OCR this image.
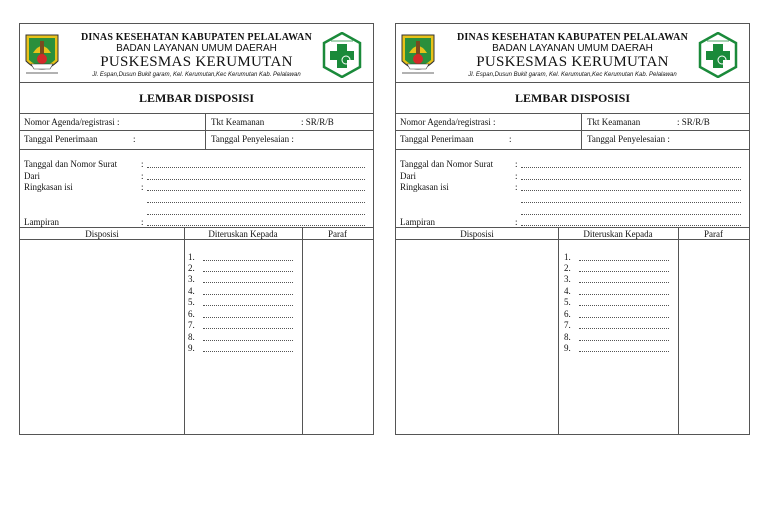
DINAS KESEHATAN KABUPATEN PELALAWAN
BADAN LAYANAN UMUM DAERAH
PUSKESMAS KERUMUTAN
Jl. Espan,Dusun Bukit garam, Kel. Kerumutan,Kec Kerumutan Kab. Pelalawan
LEMBAR DISPOSISI
Nomor Agenda/registrasi :	Tkt Keamanan	: SR/R/B
Tanggal Penerimaan	:	Tanggal Penyelesaian :
Tanggal dan Nomor Surat	:
Dari	:
Ringkasan isi	:
Lampiran	:
Disposisi	Diteruskan Kepada	Paraf
1.
2.
3.
4.
5.
6.
7.
8.
9.
DINAS KESEHATAN KABUPATEN PELALAWAN
BADAN LAYANAN UMUM DAERAH
PUSKESMAS KERUMUTAN
Jl. Espan,Dusun Bukit garam, Kel. Kerumutan,Kec Kerumutan Kab. Pelalawan
LEMBAR DISPOSISI
Nomor Agenda/registrasi :	Tkt Keamanan	: SR/R/B
Tanggal Penerimaan	:	Tanggal Penyelesaian :
Tanggal dan Nomor Surat :
Dari	:
Ringkasan isi	:
Lampiran	:
Disposisi	Diteruskan Kepada	Paraf
1.
2.
3.
4.
5.
6.
7.
8.
9.
